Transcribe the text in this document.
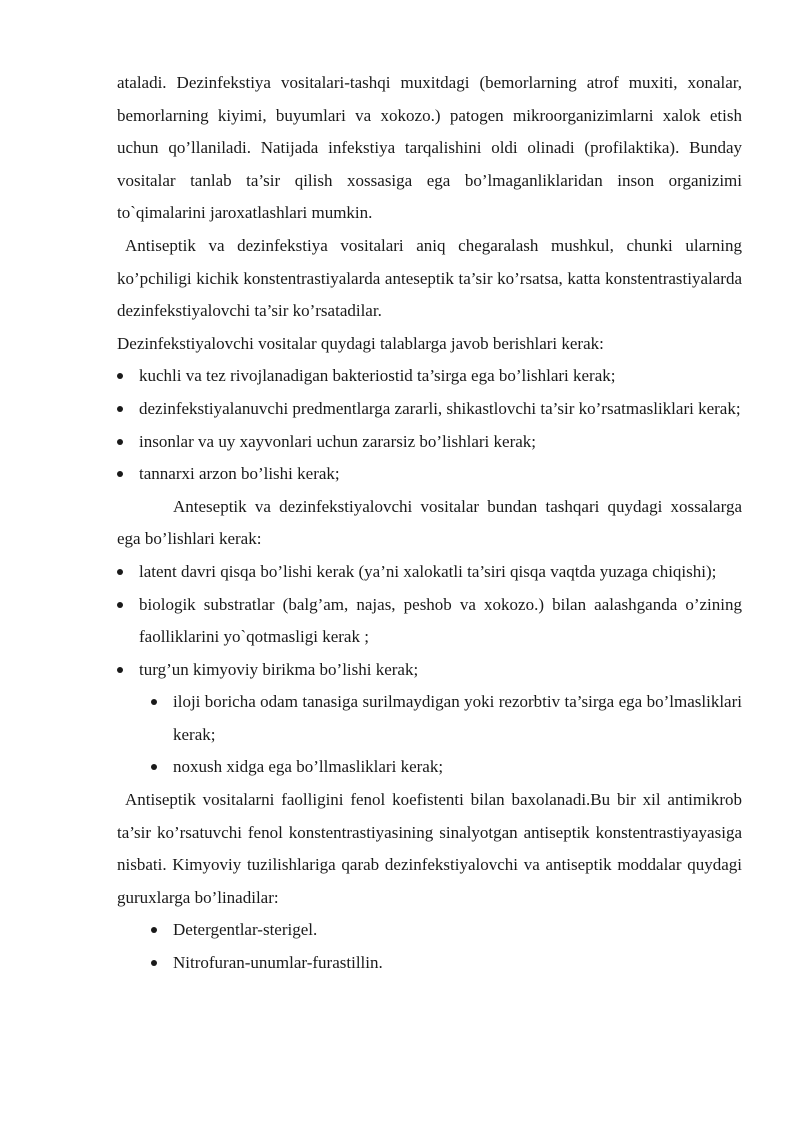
ataladi. Dezinfekstiya vositalari-tashqi muxitdagi (bemorlarning atrof muxiti, xonalar, bemorlarning kiyimi, buyumlari va xokozo.) patogen mikroorganizimlarni xalok etish uchun qo’llaniladi. Natijada infekstiya tarqalishini oldi olinadi (profilaktika). Bunday vositalar tanlab ta’sir qilish xossasiga ega bo’lmaganliklaridan inson organizimi to`qimalarini jaroxatlashlari mumkin.

Antiseptik va dezinfekstiya vositalari aniq chegaralash mushkul, chunki ularning ko’pchiligi kichik konstentrastiyalarda anteseptik ta’sir ko’rsatsa, katta konstentrastiyalarda dezinfekstiyalovchi ta’sir ko’rsatadilar.

Dezinfekstiyalovchi vositalar quydagi talablarga javob berishlari kerak:

kuchli va tez rivojlanadigan bakteriostid ta’sirga ega bo’lishlari kerak;
dezinfekstiyalanuvchi predmentlarga zararli, shikastlovchi ta’sir ko’rsatmasliklari kerak;
insonlar va uy xayvonlari uchun zararsiz bo’lishlari kerak;
tannarxi arzon bo’lishi kerak;

Anteseptik va dezinfekstiyalovchi vositalar bundan tashqari quydagi xossalarga ega bo’lishlari kerak:

latent davri qisqa bo’lishi kerak (ya’ni xalokatli ta’siri qisqa vaqtda yuzaga chiqishi);
biologik substratlar (balg’am, najas, peshob va xokozo.) bilan aalashganda o’zining faolliklarini yo`qotmasligi kerak ;
turg’un kimyoviy birikma bo’lishi kerak;
iloji boricha odam tanasiga surilmaydigan yoki rezorbtiv ta’sirga ega bo’lmasliklari kerak;
noxush xidga ega bo’llmasliklari kerak;

Antiseptik vositalarni faolligini fenol koefistenti bilan baxolanadi.Bu bir xil antimikrob ta’sir ko’rsatuvchi fenol konstentrastiyasining sinalyotgan antiseptik konstentrastiyayasiga nisbati. Kimyoviy tuzilishlariga qarab dezinfekstiyalovchi va antiseptik moddalar quydagi guruxlarga bo’linadilar:

Detergentlar-sterigel.
Nitrofuran-unumlar-furastillin.
